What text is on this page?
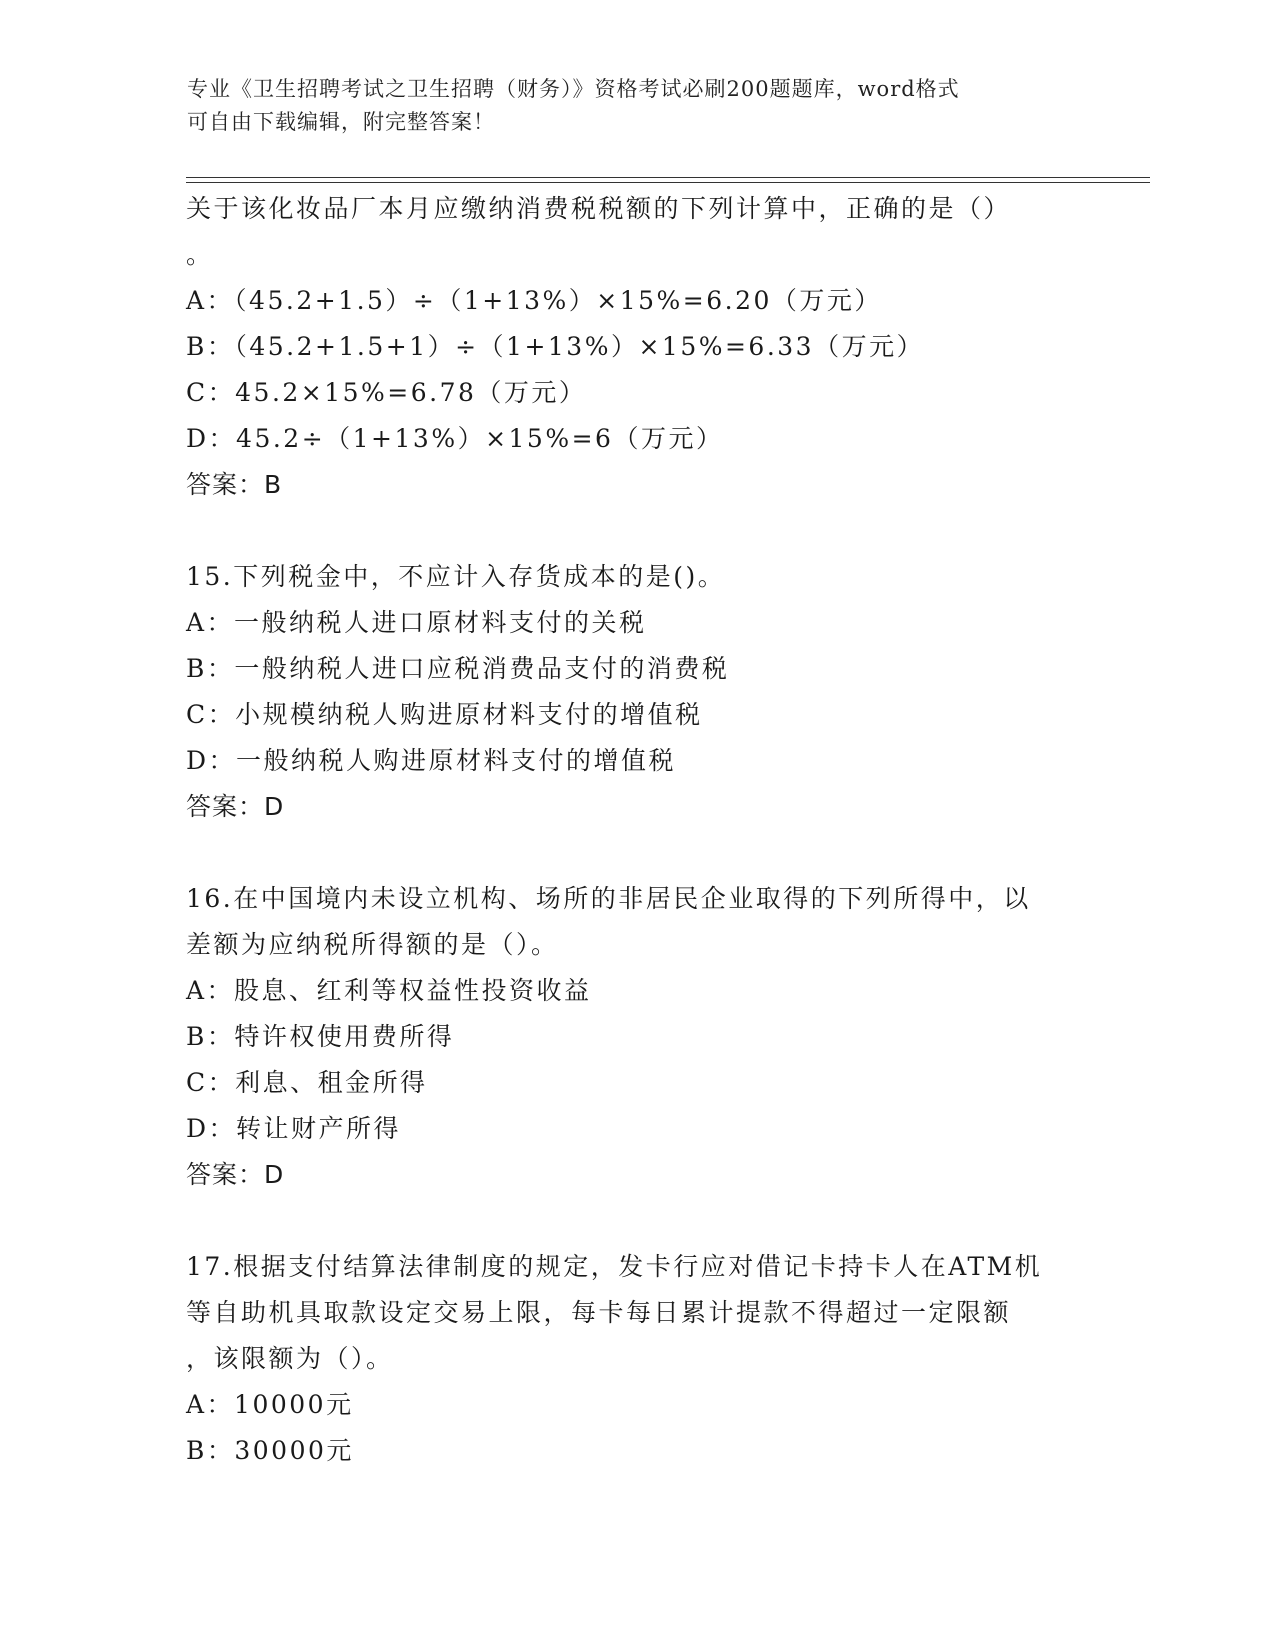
专业《卫生招聘考试之卫生招聘（财务）》资格考试必刷200题题库，word格式
可自由下载编辑，附完整答案！
关于该化妆品厂本月应缴纳消费税税额的下列计算中，正确的是（）
。
A：（45.2+1.5）÷（1+13%）×15%=6.20（万元）
B：（45.2+1.5+1）÷（1+13%）×15%=6.33（万元）
C：45.2×15%=6.78（万元）
D：45.2÷（1+13%）×15%=6（万元）
答案：B
15.下列税金中，不应计入存货成本的是()。
A：一般纳税人进口原材料支付的关税
B：一般纳税人进口应税消费品支付的消费税
C：小规模纳税人购进原材料支付的增值税
D：一般纳税人购进原材料支付的增值税
答案：D
16.在中国境内未设立机构、场所的非居民企业取得的下列所得中，以
差额为应纳税所得额的是（）。
A：股息、红利等权益性投资收益
B：特许权使用费所得
C：利息、租金所得
D：转让财产所得
答案：D
17.根据支付结算法律制度的规定，发卡行应对借记卡持卡人在ATM机
等自助机具取款设定交易上限，每卡每日累计提款不得超过一定限额
，该限额为（）。
A：10000元
B：30000元
